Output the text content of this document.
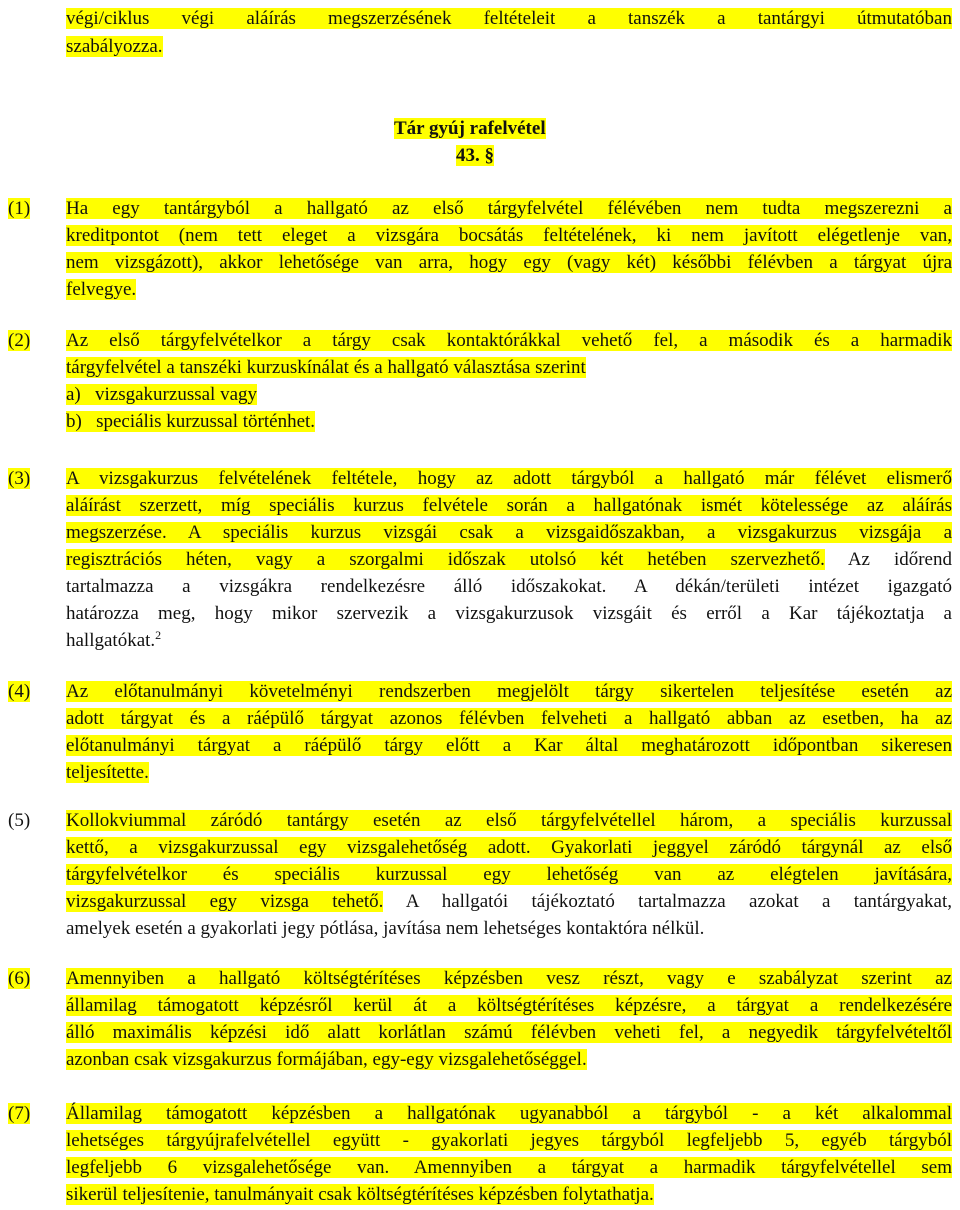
végi/ciklus végi aláírás megszerzésének feltételeit a tanszék a tantárgyi útmutatóban
szabályozza.
Tár gyúj rafelvétel
43. §
(1) Ha egy tantárgyból a hallgató az első tárgyfelvétel félévében nem tudta megszerezni a
kreditpontot (nem tett eleget a vizsgára bocsátás feltételének, ki nem javított elégetlenje van,
nem vizsgázott), akkor lehetősége van arra, hogy egy (vagy két) későbbi félévben a tárgyat újra
felvegye.
(2) Az első tárgyfelvételkor a tárgy csak kontaktórákkal vehető fel, a második és a harmadik
tárgyfelvétel a tanszéki kurzuskínálat és a hallgató választása szerint
a) vizsgakurzussal vagy
b) speciális kurzussal történhet.
(3) A vizsgakurzus felvételének feltétele, hogy az adott tárgyból a hallgató már félévet elismerő
aláírást szerzett, míg speciális kurzus felvétele során a hallgatónak ismét kötelessége az aláírás
megszerzése. A speciális kurzus vizsgái csak a vizsgaidőszakban, a vizsgakurzus vizsgája a
regisztrációs héten, vagy a szorgalmi időszak utolsó két hetében szervezhető. Az időrend
tartalmazza a vizsgákra rendelkezésre álló időszakokat. A dékán/területi intézet igazgató
határozza meg, hogy mikor szervezik a vizsgakurzusok vizsgáit és erről a Kar tájékoztatja a
hallgatókat.$^2$
(4) Az előtanulmányi követelményi rendszerben megjelölt tárgy sikertelen teljesítése esetén az
adott tárgyat és a ráépülő tárgyat azonos félévben felveheti a hallgató abban az esetben, ha az
előtanulmányi tárgyat a ráépülő tárgy előtt a Kar által meghatározott időpontban sikeresen
teljesítette.
(5) Kollokviummal záródó tantárgy esetén az első tárgyfelvétellel három, a speciális kurzussal
kettő, a vizsgakurzussal egy vizsgalehetőség adott. Gyakorlati jeggyel záródó tárgynál az első
tárgyfelvételkor és speciális kurzussal egy lehetőség van az elégtelen javítására,
vizsgakurzussal egy vizsga tehető. A hallgatói tájékoztató tartalmazza azokat a tantárgyakat,
amelyek esetén a gyakorlati jegy pótlása, javítása nem lehetséges kontaktóra nélkül.
(6) Amennyiben a hallgató költségtérítéses képzésben vesz részt, vagy e szabályzat szerint az
államilag támogatott képzésről kerül át a költségtérítéses képzésre, a tárgyat a rendelkezésére
álló maximális képzési idő alatt korlátlan számú félévben veheti fel, a negyedik tárgyfelvételtől
azonban csak vizsgakurzus formájában, egy-egy vizsgalehetőséggel.
(7) Államilag támogatott képzésben a hallgatónak ugyanabból a tárgyból - a két alkalommal
lehetséges tárgyújrafelvétellel együtt - gyakorlati jegyes tárgyból legfeljebb 5, egyéb tárgyból
legfeljebb 6 vizsgalehetősége van. Amennyiben a tárgyat a harmadik tárgyfelvétellel sem
sikerül teljesítenie, tanulmányait csak költségtérítéses képzésben folytathatja.
